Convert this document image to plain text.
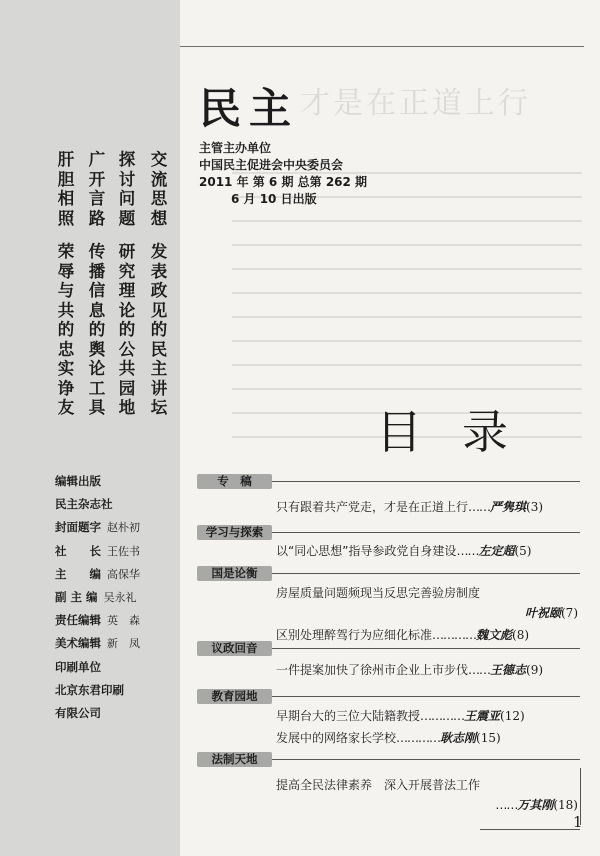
才是在正道上行
民主
主管主办单位
中国民主促进会中央委员会
2011 年 第 6 期 总第 262 期
6 月 10 日出版
交
流
思
想
发
表
政
见
的
民
主
讲
坛
探
讨
问
题
研
究
理
论
的
公
共
园
地
广
开
言
路
传
播
信
息
的
舆
论
工
具
肝
胆
相
照
荣
辱
与
共
的
忠
实
诤
友	目录
编辑出版
民主杂志社
封面题字 赵朴初
社　　长 王佐书
主　　编 高保华
副 主 编 吴永礼
责任编辑 英　森
美术编辑 新　凤
印刷单位
北京东君印刷
有限公司
专　稿
只有跟着共产党走，才是在正道上行 …… 严隽琪 (3)
学习与探索
以“同心思想”指导参政党自身建设 …… 左定超 (5)
国是论衡
房屋质量问题频现当反思完善验房制度
叶祝颐(7)
区别处理醉驾行为应细化标准 ………… 魏文彪 (8)
议政回音
一件提案加快了徐州市企业上市步伐 …… 王德志 (9)
教育园地
早期台大的三位大陆籍教授 ………… 王震亚 (12)
发展中的网络家长学校 ………… 耿志刚 (15)
法制天地
提高全民法律素养　深入开展普法工作
……万其刚(18)
1
